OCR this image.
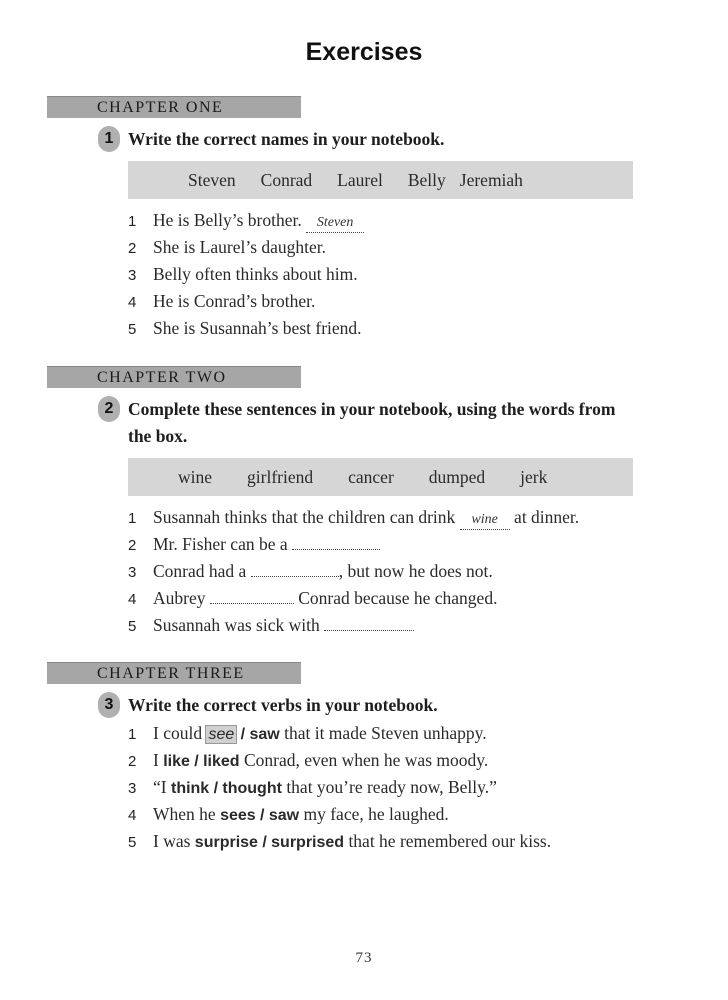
Exercises
CHAPTER ONE
1 Write the correct names in your notebook.
Steven Conrad Laurel Belly Jeremiah
1 He is Belly’s brother. Steven
2 She is Laurel’s daughter.
3 Belly often thinks about him.
4 He is Conrad’s brother.
5 She is Susannah’s best friend.
CHAPTER TWO
2 Complete these sentences in your notebook, using the words from the box.
wine girlfriend cancer dumped jerk
1 Susannah thinks that the children can drink wine at dinner.
2 Mr. Fisher can be a
3 Conrad had a	, but now he does not.
4 Aubrey	Conrad because he changed.
5 Susannah was sick with
CHAPTER THREE
3 Write the correct verbs in your notebook.
1 I could see / saw that it made Steven unhappy.
2 I like / liked Conrad, even when he was moody.
3 “I think / thought that you’re ready now, Belly.”
4 When he sees / saw my face, he laughed.
5 I was surprise / surprised that he remembered our kiss.
73
